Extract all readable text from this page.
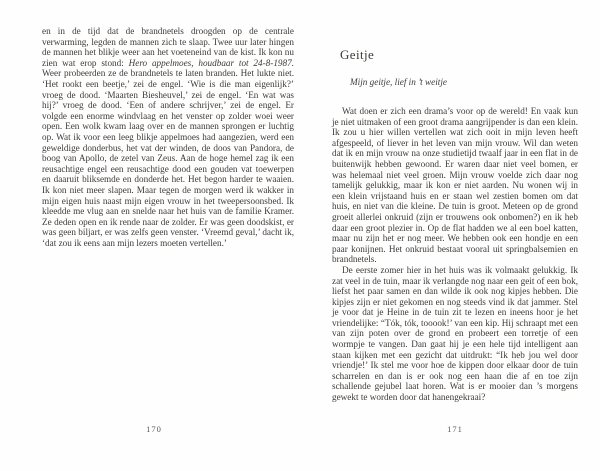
en in de tijd dat de brandnetels droogden op de centrale verwarming, legden de mannen zich te slaap. Twee uur later hingen de mannen het blikje weer aan het voeteneind van de kist. Ik kon nu zien wat erop stond: Hero appelmoes, houdbaar tot 24-8-1987. Weer probeerden ze de brandnetels te laten branden. Het lukte niet. ‘Het rookt een beetje,’ zei de engel. ‘Wie is die man eigenlijk?’ vroeg de dood. ‘Maarten Biesheuvel,’ zei de engel. ‘En wat was hij?’ vroeg de dood. ‘Een of andere schrijver,’ zei de engel. Er volgde een enorme windvlaag en het venster op zolder woei weer open. Een wolk kwam laag over en de mannen sprongen er luchtig op. Wat ik voor een leeg blikje appelmoes had aangezien, werd een geweldige donderbus, het vat der winden, de doos van Pandora, de boog van Apollo, de zetel van Zeus. Aan de hoge hemel zag ik een reusachtige engel een reusachtige dood een gouden vat toewerpen en daaruit bliksemde en donderde het. Het begon harder te waaien. Ik kon niet meer slapen. Maar tegen de morgen werd ik wakker in mijn eigen huis naast mijn eigen vrouw in het tweepersoonsbed. Ik kleedde me vlug aan en snelde naar het huis van de familie Kramer. Ze deden open en ik rende naar de zolder. Er was geen doodskist, er was geen biljart, er was zelfs geen venster. ‘Vreemd geval,’ dacht ik, ‘dat zou ik eens aan mijn lezers moeten vertellen.’

170
Geitje

Mijn geitje, lief in ’t weitje

Wat doen er zich een drama’s voor op de wereld! En vaak kun je niet uitmaken of een groot drama aangrijpender is dan een klein. Ik zou u hier willen vertellen wat zich ooit in mijn leven heeft afgespeeld, of liever in het leven van mijn vrouw. Wil dan weten dat ik en mijn vrouw na onze studietijd twaalf jaar in een flat in de buitenwijk hebben gewoond. Er waren daar niet veel bomen, er was helemaal niet veel groen. Mijn vrouw voelde zich daar nog tamelijk gelukkig, maar ik kon er niet aarden. Nu wonen wij in een klein vrijstaand huis en er staan wel zestien bomen om dat huis, en niet van die kleine. De tuin is groot. Meteen op de grond groeit allerlei onkruid (zijn er trouwens ook onbomen?) en ik heb daar een groot plezier in. Op de flat hadden we al een boel katten, maar nu zijn het er nog meer. We hebben ook een hondje en een paar konijnen. Het onkruid bestaat vooral uit springbalsemien en brandnetels.

De eerste zomer hier in het huis was ik volmaakt gelukkig. Ik zat veel in de tuin, maar ik verlangde nog naar een geit of een bok, liefst het paar samen en dan wilde ik ook nog kipjes hebben. Die kipjes zijn er niet gekomen en nog steeds vind ik dat jammer. Stel je voor dat je Heine in de tuin zit te lezen en ineens hoor je het vriendelijke: “Tók, tók, tooook!’ van een kip. Hij schraapt met een van zijn poten over de grond en probeert een torretje of een wormpje te vangen. Dan gaat hij je een hele tijd intelligent aan staan kijken met een gezicht dat uitdrukt: “Ik heb jou wel door vriendje!’ Ik stel me voor hoe de kippen door elkaar door de tuin scharrelen en dan is er ook nog een haan die af en toe zijn schallende gejubel laat horen. Wat is er mooier dan ’s morgens gewekt te worden door dat hanengekraai?

171
